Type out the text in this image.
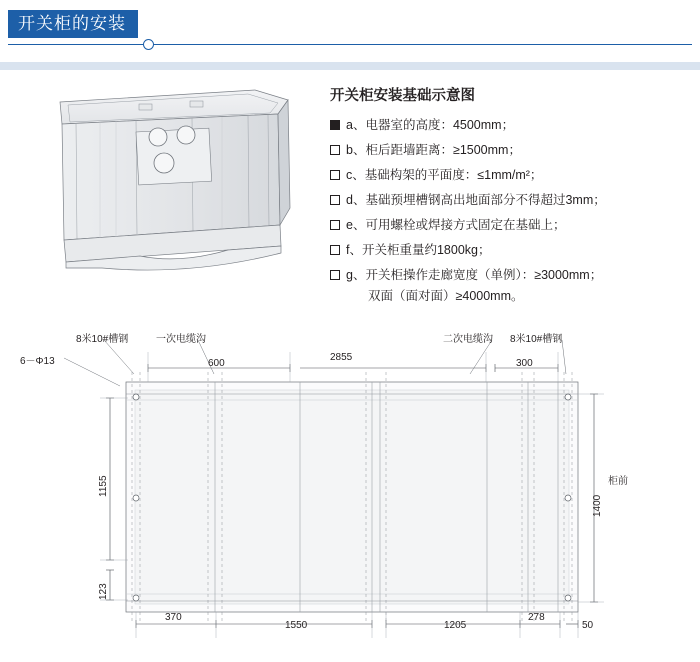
开关柜的安装
开关柜安装基础示意图
a、电器室的高度：4500mm；
b、柜后距墙距离：≥1500mm；
c、基础构架的平面度：≤1mm/m²；
d、基础预埋槽钢高出地面部分不得超过3mm；
e、可用螺栓或焊接方式固定在基础上；
f、开关柜重量约1800kg；
g、开关柜操作走廊宽度（单例）：≥3000mm；
双面（面对面）≥4000mm。
8米10#槽钢	一次电缆沟
6－Φ13
二次电缆沟 8米10#槽钢
柜前
600
2855
300
1155
123
1400
370
1550	1205
278
50
